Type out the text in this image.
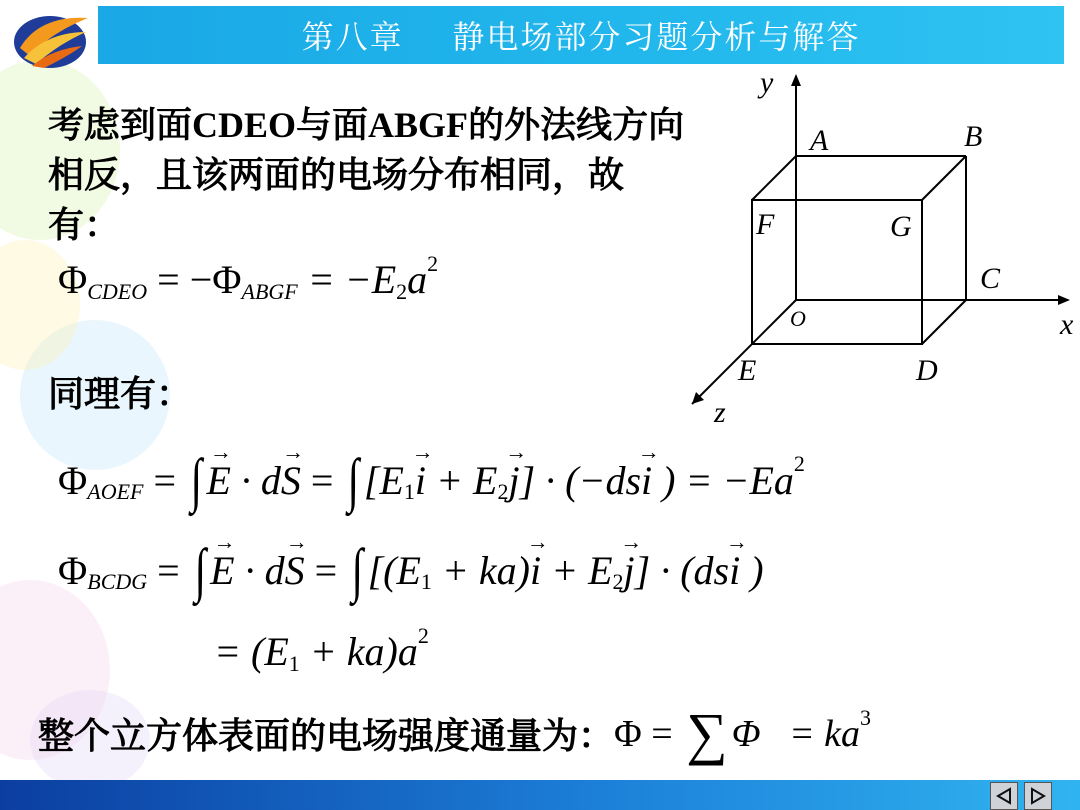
第八章    静电场部分习题分析与解答
考虑到面CDEO与面ABGF的外法线方向相反，且该两面的电场分布相同，故有：
Φ CDEO = −Φ ABGF = −E 2 a 2
同理有：
Φ AOEF = ∫ → E · d → S = ∫ [E 1 → i + E 2 → j ] · (−ds → i ) = −Ea 2
Φ BCDG = ∫ → E · d → S = ∫ [(E 1 + ka) → i + E 2 → j ] · (ds → i )
= (E 1 + ka)a 2
整个立方体表面的电场强度通量为： Φ = ∑ Φ   = ka 3
y
x
z
A	B
C
D
E
F	G
O
